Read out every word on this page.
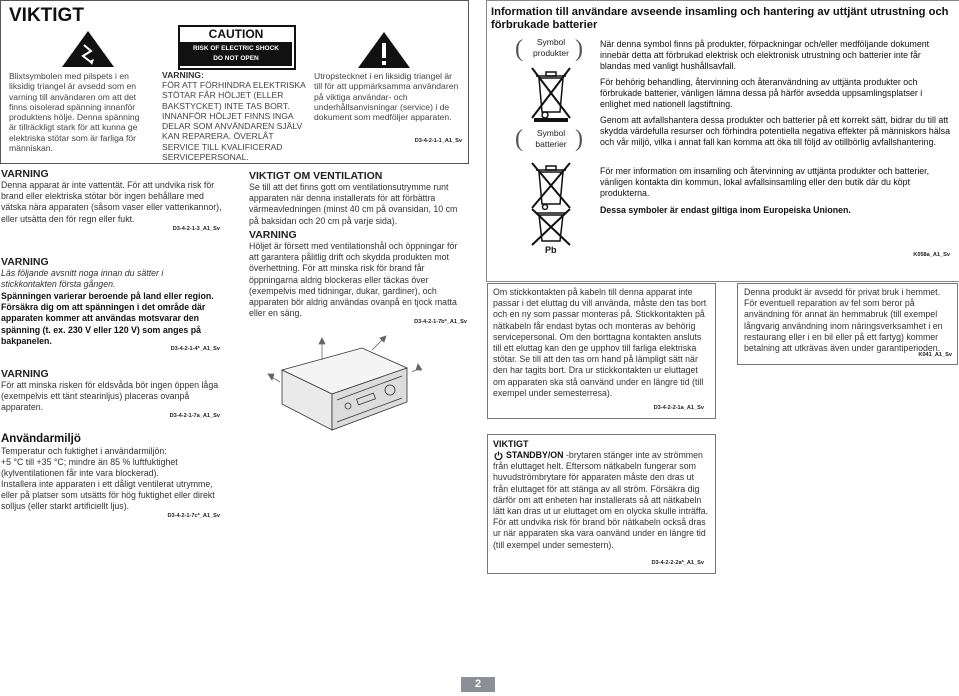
VIKTIGT
Blixtsymbolen med pilspets i en liksidig triangel är avsedd som en varning till användaren om att det finns oisolerad spänning innanför produktens hölje. Denna spänning är tillräckligt stark för att kunna ge elektriska stötar som är farliga för människan.
CAUTION
RISK OF ELECTRIC SHOCK
DO NOT OPEN
VARNING:
FÖR ATT FÖRHINDRA ELEKTRISKA STÖTAR FÅR HÖLJET (ELLER BAKSTYCKET) INTE TAS BORT. INNANFÖR HÖLJET FINNS INGA DELAR SOM ANVÄNDAREN SJÄLV KAN REPARERA. ÖVERLÅT SERVICE TILL KVALIFICERAD SERVICEPERSONAL.
Utropstecknet i en liksidig triangel är till för att uppmärksamma användaren på viktiga användar- och underhållsanvisningar (service) i de dokument som medföljer apparaten.
D3-4-2-1-1_A1_Sv
VARNING
Denna apparat är inte vattentät. För att undvika risk för brand eller elektriska stötar bör ingen behållare med vätska nära apparaten (såsom vaser eller vattenkannor), eller utsätta den för regn eller fukt.
D3-4-2-1-3_A1_Sv
VARNING
Läs följande avsnitt noga innan du sätter i stickkontakten första gången.
Spänningen varierar beroende på land eller region. Försäkra dig om att spänningen i det område där apparaten kommer att användas motsvarar den spänning (t. ex. 230 V eller 120 V) som anges på bakpanelen.
D3-4-2-1-4*_A1_Sv
VARNING
För att minska risken för eldsvåda bör ingen öppen låga (exempelvis ett tänt stearinljus) placeras ovanpå apparaten.
D3-4-2-1-7a_A1_Sv
Användarmiljö
Temperatur och fuktighet i användarmiljön:
+5 °C till +35 °C; mindre än 85 % luftfuktighet (kylventilationen får inte vara blockerad).
Installera inte apparaten i ett dåligt ventilerat utrymme, eller på platser som utsätts för hög fuktighet eller direkt solljus (eller starkt artificiellt ljus).
D3-4-2-1-7c*_A1_Sv
VIKTIGT OM VENTILATION
Se till att det finns gott om ventilationsutrymme runt apparaten när denna installerats för att förbättra värmeavledningen (minst 40 cm på ovansidan, 10 cm på baksidan och 20 cm på varje sida).
VARNING
Höljet är försett med ventilationshål och öppningar för att garantera pålitlig drift och skydda produkten mot överhettning. För att minska risk för brand får öppningarna aldrig blockeras eller täckas över (exempelvis med tidningar, dukar, gardiner), och apparaten bör aldrig användas ovanpå en tjock matta eller en säng.
D3-4-2-1-7b*_A1_Sv
Information till användare avseende insamling och hantering av uttjänt utrustning och förbrukade batterier
( )
Symbol
produkter
( )
Symbol
batterier
Pb
När denna symbol finns på produkter, förpackningar och/eller medföljande dokument innebär detta att förbrukad elektrisk och elektronisk utrustning och batterier inte får blandas med vanligt hushållsavfall.
För behörig behandling, återvinning och återanvändning av uttjänta produkter och förbrukade batterier, vänligen lämna dessa på härför avsedda uppsamlingsplatser i enlighet med nationell lagstiftning.
Genom att avfallshantera dessa produkter och batterier på ett korrekt sätt, bidrar du till att skydda värdefulla resurser och förhindra potentiella negativa effekter på människors hälsa och vår miljö, vilka i annat fall kan komma att öka till följd av otillbörlig avfallshantering.
För mer information om insamling och återvinning av uttjänta produkter och batterier, vänligen kontakta din kommun, lokal avfallsinsamling eller den butik där du köpt produkterna.
Dessa symboler är endast giltiga inom Europeiska Unionen.
K058a_A1_Sv
Om stickkontakten på kabeln till denna apparat inte passar i det eluttag du vill använda, måste den tas bort och en ny som passar monteras på. Stickkontakten på nätkabeln får endast bytas och monteras av behörig servicepersonal. Om den borttagna kontakten ansluts till ett eluttag kan den ge upphov till farliga elektriska stötar. Se till att den tas om hand på lämpligt sätt när den har tagits bort. Dra ur stickkontakten ur eluttaget om apparaten ska stå oanvänd under en längre tid (till exempel under semesterresa).
D3-4-2-2-1a_A1_Sv
Denna produkt är avsedd för privat bruk i hemmet. För eventuell reparation av fel som beror på användning för annat än hemmabruk (till exempel långvarig användning inom näringsverksamhet i en restaurang eller i en bil eller på ett fartyg) kommer betalning att utkrävas även under garantiperioden.
K041_A1_Sv
VIKTIGT
STANDBY/ON -brytaren stänger inte av strömmen från eluttaget helt. Eftersom nätkabeln fungerar som huvudströmbrytare för apparaten måste den dras ut från eluttaget för att stänga av all ström. Försäkra dig därför om att enheten har installerats så att nätkabeln lätt kan dras ut ur eluttaget om en olycka skulle inträffa. För att undvika risk för brand bör nätkabeln också dras ur när apparaten ska vara oanvänd under en längre tid (till exempel under semestern).
D3-4-2-2-2a*_A1_Sv
2
